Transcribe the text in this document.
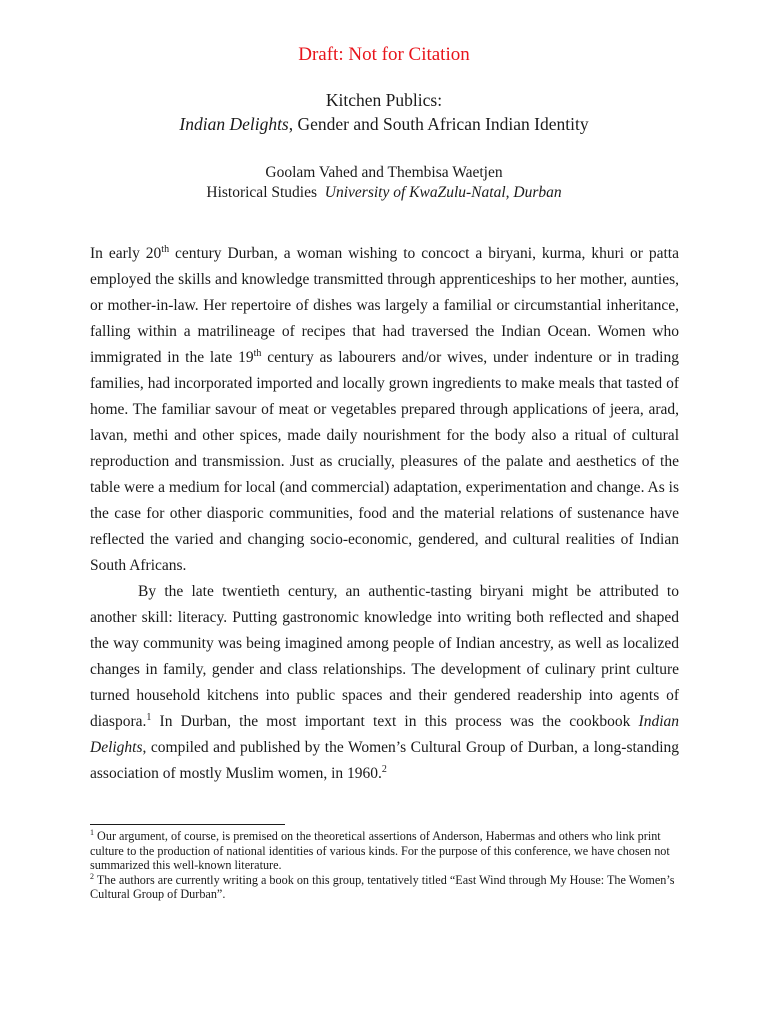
Draft: Not for Citation
Kitchen Publics:
Indian Delights, Gender and South African Indian Identity
Goolam Vahed and Thembisa Waetjen
Historical Studies University of KwaZulu-Natal, Durban

In early 20th century Durban, a woman wishing to concoct a biryani, kurma, khuri or patta employed the skills and knowledge transmitted through apprenticeships to her mother, aunties, or mother-in-law. Her repertoire of dishes was largely a familial or circumstantial inheritance, falling within a matrilineage of recipes that had traversed the Indian Ocean. Women who immigrated in the late 19th century as labourers and/or wives, under indenture or in trading families, had incorporated imported and locally grown ingredients to make meals that tasted of home. The familiar savour of meat or vegetables prepared through applications of jeera, arad, lavan, methi and other spices, made daily nourishment for the body also a ritual of cultural reproduction and transmission. Just as crucially, pleasures of the palate and aesthetics of the table were a medium for local (and commercial) adaptation, experimentation and change. As is the case for other diasporic communities, food and the material relations of sustenance have reflected the varied and changing socio-economic, gendered, and cultural realities of Indian South Africans.

By the late twentieth century, an authentic-tasting biryani might be attributed to another skill: literacy. Putting gastronomic knowledge into writing both reflected and shaped the way community was being imagined among people of Indian ancestry, as well as localized changes in family, gender and class relationships. The development of culinary print culture turned household kitchens into public spaces and their gendered readership into agents of diaspora.$^1$ In Durban, the most important text in this process was the cookbook Indian Delights, compiled and published by the Women’s Cultural Group of Durban, a long-standing association of mostly Muslim women, in 1960.$^2$

$^1$ Our argument, of course, is premised on the theoretical assertions of Anderson, Habermas and others who link print culture to the production of national identities of various kinds. For the purpose of this conference, we have chosen not summarized this well-known literature.

$^2$ The authors are currently writing a book on this group, tentatively titled “East Wind through My House: The Women’s Cultural Group of Durban”.
